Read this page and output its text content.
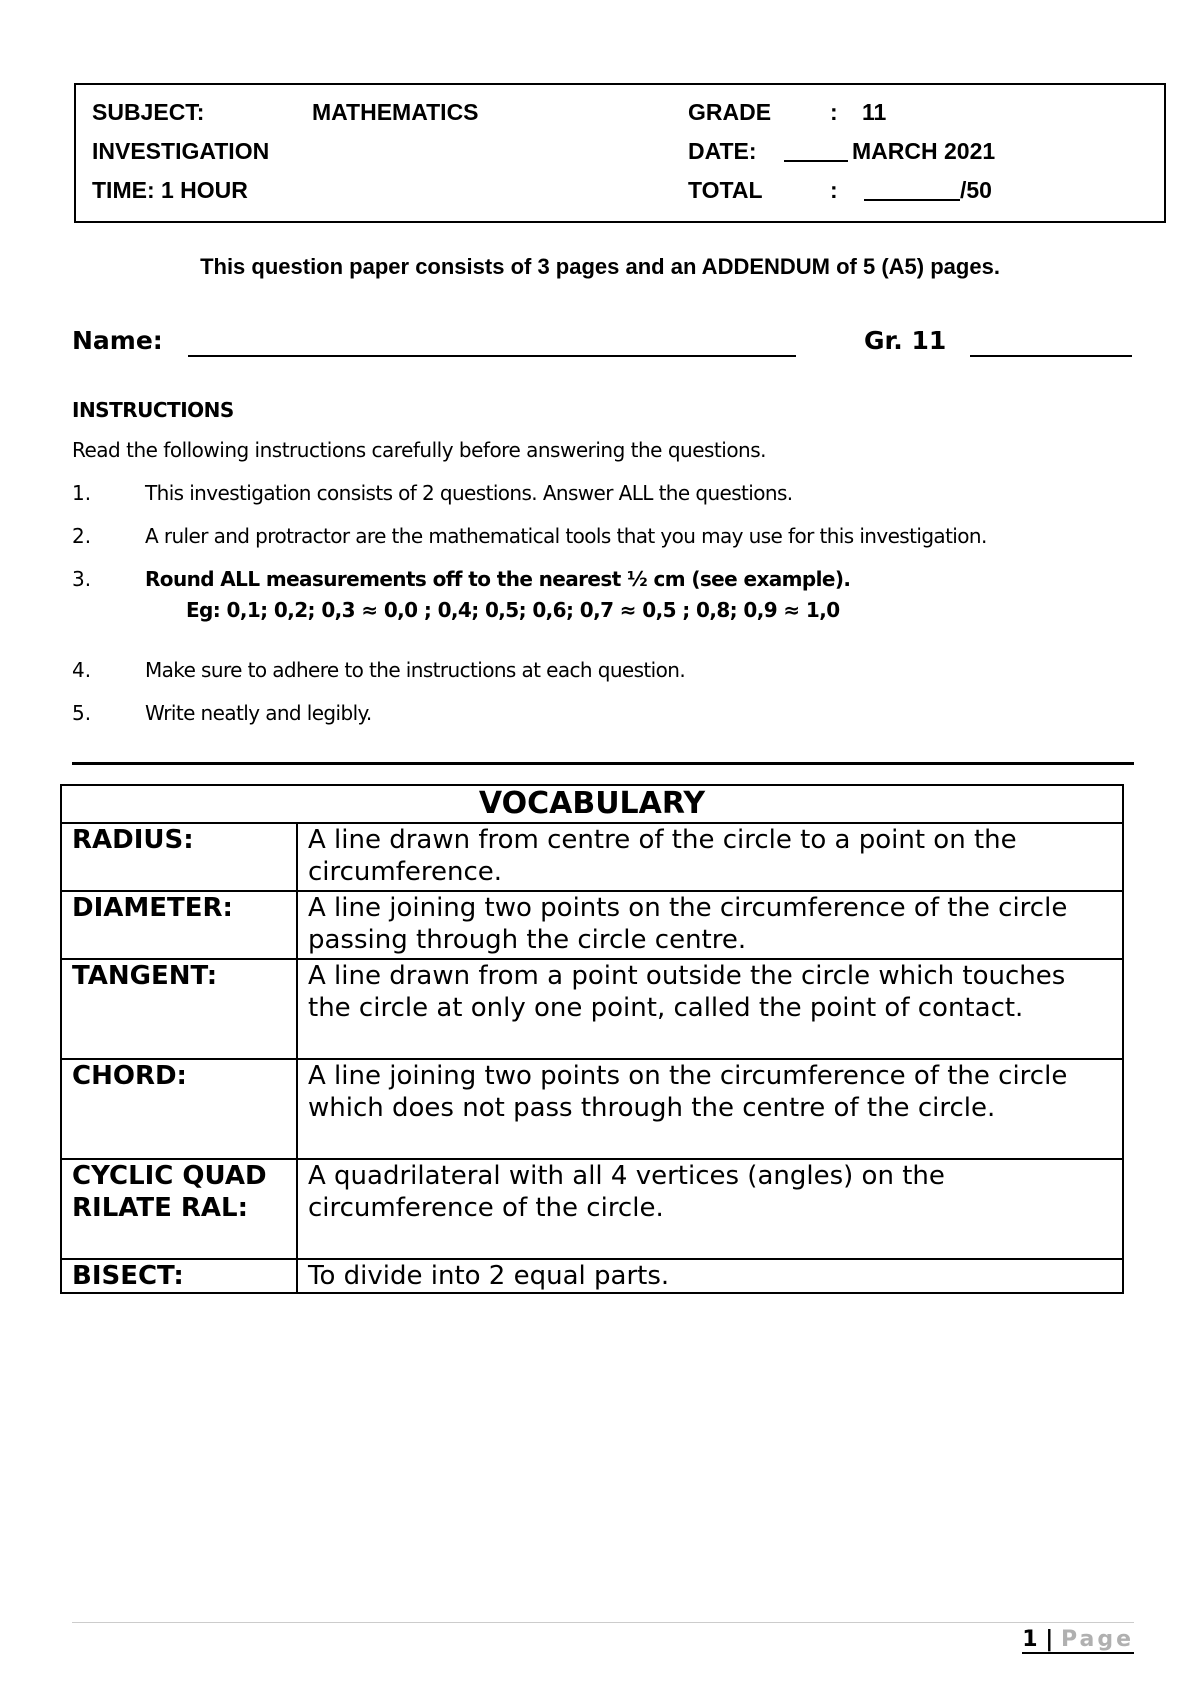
SUBJECT:	MATHEMATICS	GRADE	: 11
INVESTIGATION	DATE:	MARCH 2021
TIME: 1 HOUR	TOTAL	:	/50
This question paper consists of 3 pages and an ADDENDUM of 5 (A5) pages.
Name:	Gr. 11
INSTRUCTIONS
Read the following instructions carefully before answering the questions.
1.	This investigation consists of 2 questions. Answer ALL the questions.
2.	A ruler and protractor are the mathematical tools that you may use for this investigation.
3.	Round ALL measurements off to the nearest ½ cm (see example).
Eg: 0,1; 0,2; 0,3 ≈ 0,0 ; 0,4; 0,5; 0,6; 0,7 ≈ 0,5 ; 0,8; 0,9 ≈ 1,0
4.	Make sure to adhere to the instructions at each question.
5.	Write neatly and legibly.
VOCABULARY	
RADIUS:	A line drawn from centre of the circle to a point on the circumference.
DIAMETER:	A line joining two points on the circumference of the circle passing through the circle centre.
TANGENT:	A line drawn from a point outside the circle which touches the circle at only one point, called the point of contact.
CHORD:	A line joining two points on the circumference of the circle which does not pass through the centre of the circle.
CYCLIC QUADRILATE RAL:	A quadrilateral with all 4 vertices (angles) on the circumference of the circle.
BISECT:	To divide into 2 equal parts.
1 | Page
